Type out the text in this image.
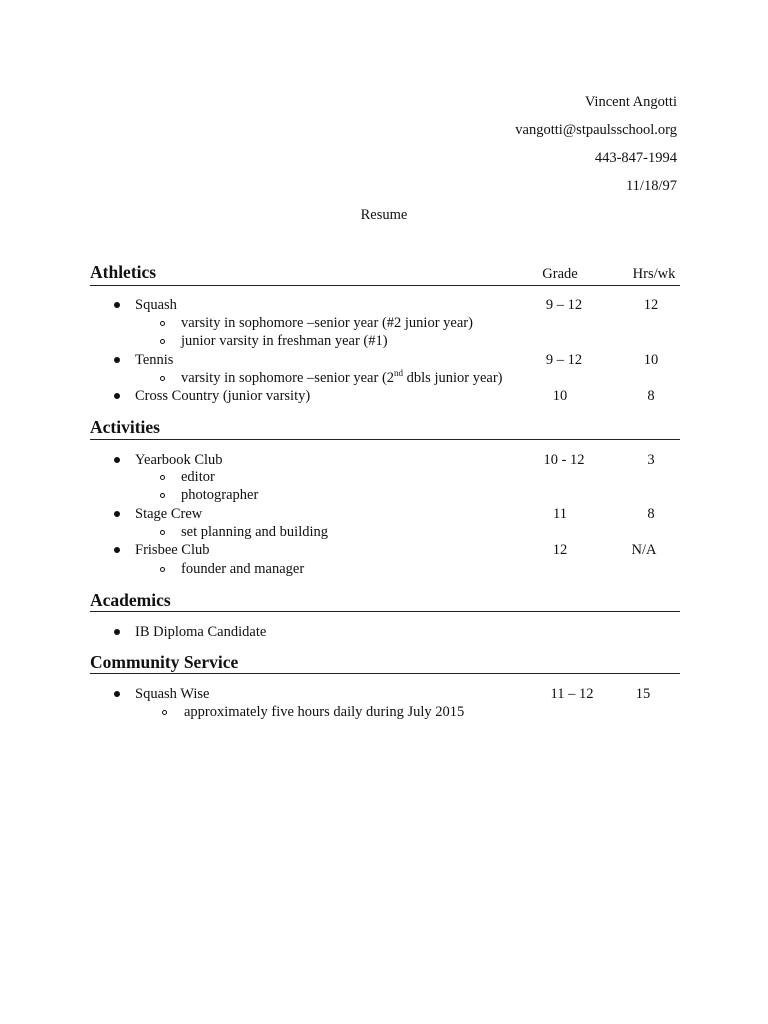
Vincent Angotti
vangotti@stpaulsschool.org
443-847-1994
11/18/97
Resume
Athletics	Grade	Hrs/wk
Squash	9 – 12	12
varsity in sophomore –senior year (#2 junior year)
junior varsity in freshman year (#1)
Tennis	9 – 12	10
varsity in sophomore –senior year (2nd dbls junior year)
Cross Country (junior varsity)	10	8
Activities
Yearbook Club	10 - 12	3
editor
photographer
Stage Crew	11	8
set planning and building
Frisbee Club	12	N/A
founder and manager
Academics
IB Diploma Candidate
Community Service
Squash Wise	11 – 12	15
approximately five hours daily during July 2015
